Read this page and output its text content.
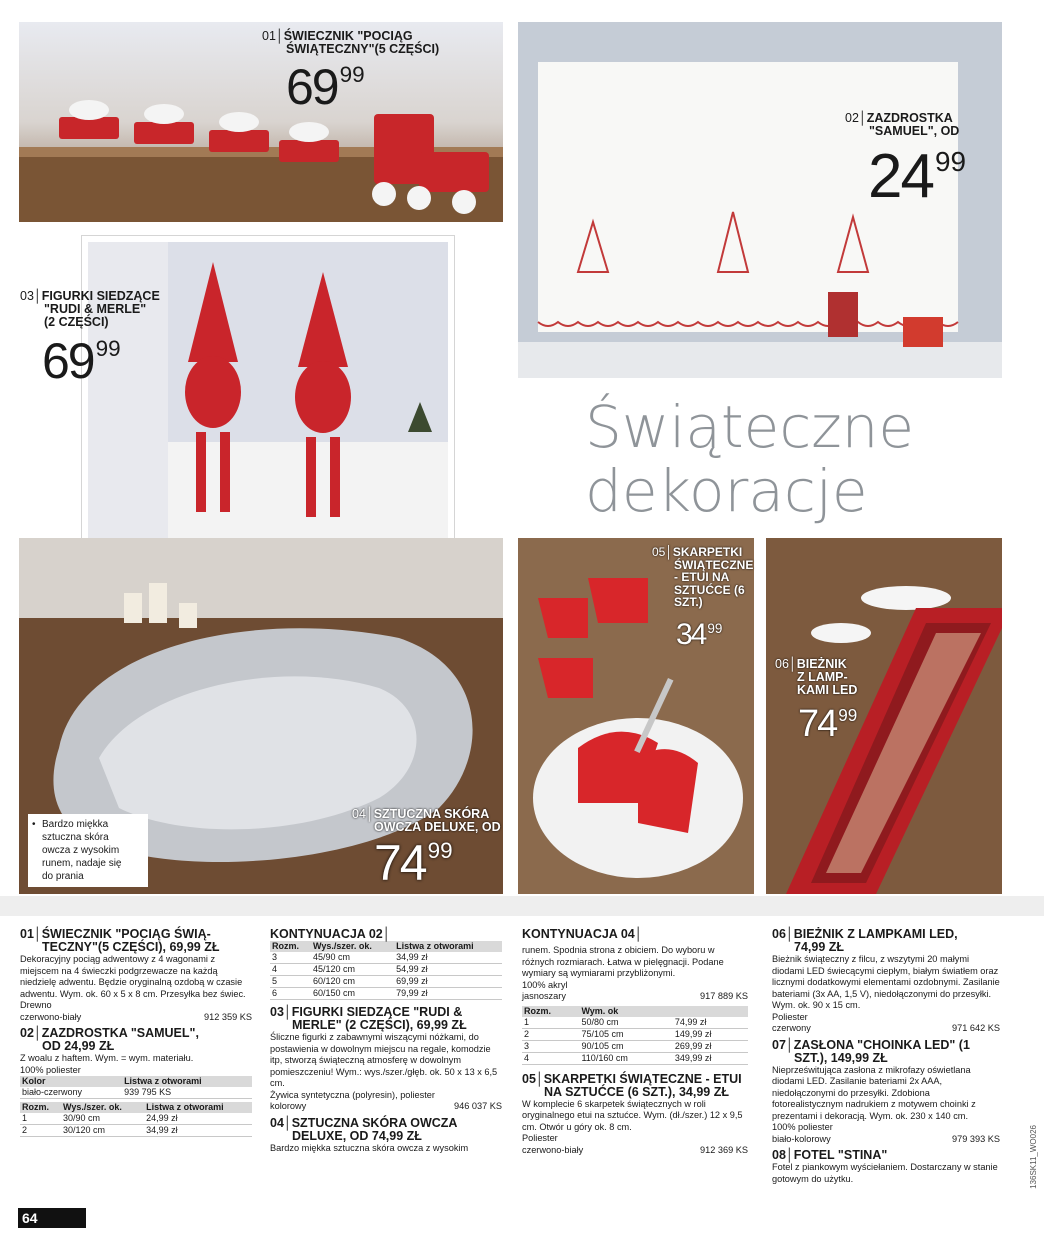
01│ŚWIECZNIK "POCIĄG
ŚWIĄTECZNY"(5 CZĘŚCI)
$69^{99}$
02│ZAZDROSTKA
"SAMUEL", OD
$24^{99}$
03│FIGURKI SIEDZĄCE
"RUDI & MERLE"
(2 CZĘŚCI)
$69^{99}$
Świąteczne
dekoracje
05│SKARPETKI
ŚWIĄTECZNE
- ETUI NA
SZTUĆCE (6
SZT.)
34 $^{99}$
06│BIEŻNIK
Z LAMP-
KAMI LED
74 $^{99}$
04│SZTUCZNA SKÓRA
OWCZA DELUXE, OD
$74^{99}$
• Bardzo miękka
sztuczna skóra
owcza z wysokim
runem, nadaje się
do prania
01│ŚWIECZNIK "POCIĄG ŚWIĄ-
TECZNY"(5 CZĘŚCI), 69,99 ZŁ

Dekoracyjny pociąg adwentowy z 4 wagonami z miejscem na 4 świeczki podgrzewacze na każdą niedzielę adwentu. Będzie oryginalną ozdobą w czasie adwentu. Wym. ok. 60 x 5 x 8 cm. Przesyłka bez świec.

Drewno

czerwono-biały	912 359 KS
02│ZAZDROSTKA "SAMUEL",
OD 24,99 ZŁ

Z woalu z haftem. Wym. = wym. materiału.

100% poliester

Kolor	Listwa z otworami
biało-czerwony	939 795 KS
Rozm.	Wys./szer. ok.	Listwa z otworami
1	30/90 cm	24,99 zł
2	30/120 cm	34,99 zł
KONTYNUACJA 02│
Rozm.	Wys./szer. ok.	Listwa z otworami
3	45/90 cm	34,99 zł
4	45/120 cm	54,99 zł
5	60/120 cm	69,99 zł
6	60/150 cm	79,99 zł
03│FIGURKI SIEDZĄCE "RUDI &
MERLE" (2 CZĘŚCI), 69,99 ZŁ

Śliczne figurki z zabawnymi wiszącymi nóżkami, do postawienia w dowolnym miejscu na regale, komodzie itp, stworzą świąteczną atmosferę w dowolnym pomieszczeniu! Wym.: wys./szer./głęb. ok. 50 x 13 x 6,5 cm.

Żywica syntetyczna (polyresin), poliester

kolorowy	946 037 KS
04│SZTUCZNA SKÓRA OWCZA
DELUXE, OD 74,99 ZŁ

Bardzo miękka sztuczna skóra owcza z wysokim

KONTYNUACJA 04│

runem. Spodnia strona z obiciem. Do wyboru w różnych rozmiarach. Łatwa w pielęgnacji. Podane wymiary są wymiarami przybliżonymi.

100% akryl

jasnoszary	917 889 KS
Rozm.	Wym. ok	
1	50/80 cm	74,99 zł
2	75/105 cm	149,99 zł
3	90/105 cm	269,99 zł
4	110/160 cm	349,99 zł
05│SKARPETKI ŚWIĄTECZNE - ETUI
NA SZTUĆCE (6 SZT.), 34,99 ZŁ

W komplecie 6 skarpetek świątecznych w roli oryginalnego etui na sztućce. Wym. (dł./szer.) 12 x 9,5 cm. Otwór u góry ok. 8 cm.

Poliester

czerwono-biały	912 369 KS
06│BIEŻNIK Z LAMPKAMI LED,
74,99 ZŁ

Bieżnik świąteczny z filcu, z wszytymi 20 małymi diodami LED świecącymi ciepłym, białym światłem oraz licznymi dodatkowymi elementami ozdobnymi. Zasilanie bateriami (3x AA, 1,5 V), niedołączonymi do przesyłki. Wym. ok. 90 x 15 cm.

Poliester

czerwony	971 642 KS
07│ZASŁONA "CHOINKA LED" (1
SZT.), 149,99 ZŁ

Nieprześwitująca zasłona z mikrofazy oświetlana diodami LED. Zasilanie bateriami 2x AAA, niedołączonymi do przesyłki. Zdobiona fotorealistycznym nadrukiem z motywem choinki z prezentami i dekoracją. Wym. ok. 230 x 140 cm.

100% poliester

biało-kolorowy	979 393 KS
08│FOTEL "STINA"

Fotel z piankowym wyściełaniem. Dostarczany w stanie gotowym do użytku.

64
136SK11_WO026
